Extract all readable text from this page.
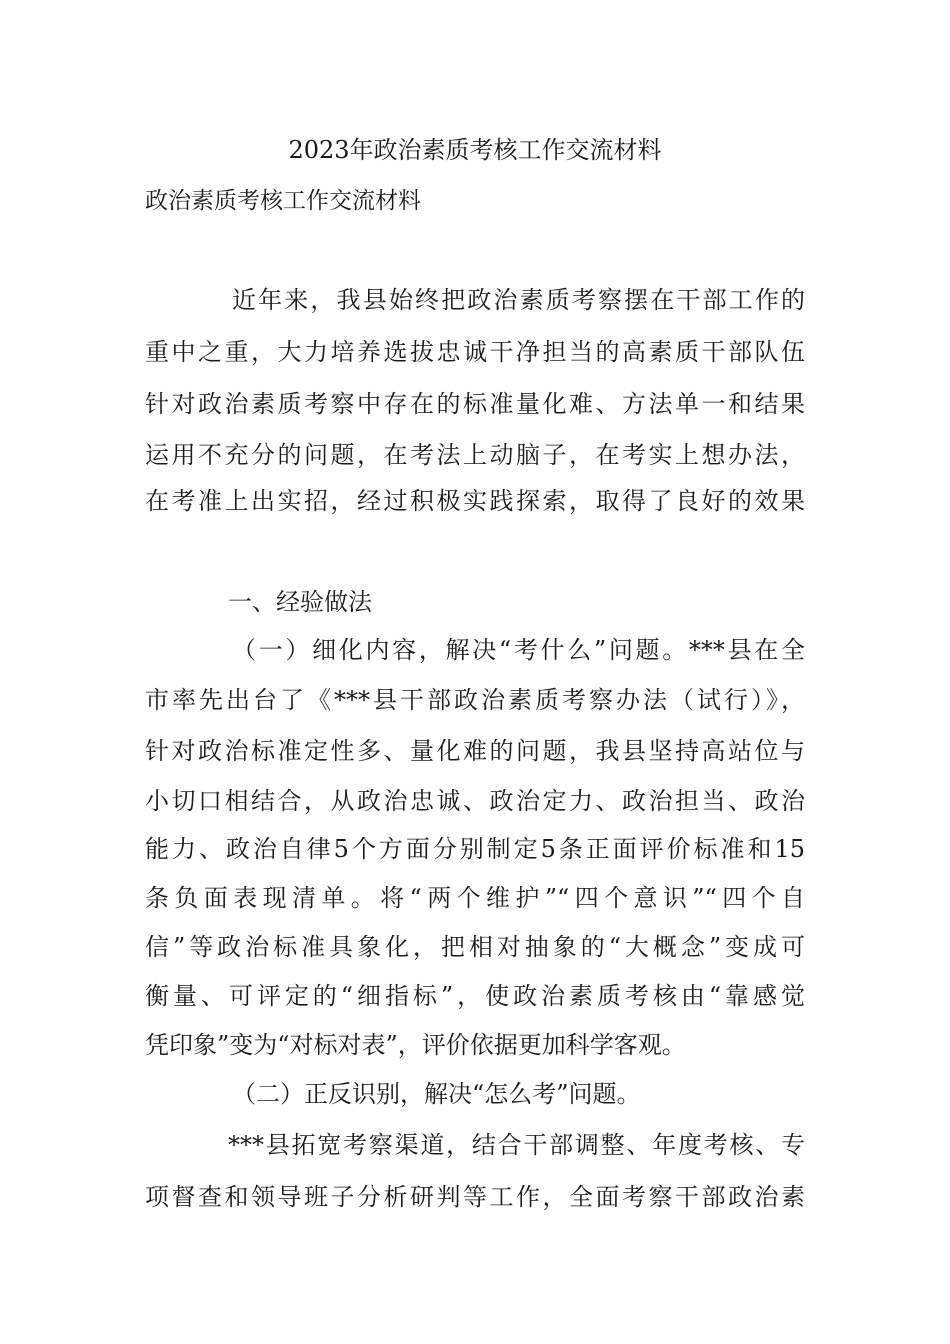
2023年政治素质考核工作交流材料
政治素质考核工作交流材料
近年来，我县始终把政治素质考察摆在干部工作的
重中之重，大力培养选拔忠诚干净担当的高素质干部队伍
针对政治素质考察中存在的标准量化难、方法单一和结果
运用不充分的问题，在考法上动脑子，在考实上想办法，
在考准上出实招，经过积极实践探索，取得了良好的效果
一、经验做法
（一）细化内容，解决“考什么”问题。***县在全
市率先出台了《***县干部政治素质考察办法（试行）》，
针对政治标准定性多、量化难的问题，我县坚持高站位与
小切口相结合，从政治忠诚、政治定力、政治担当、政治
能力、政治自律5个方面分别制定5条正面评价标准和15
条负面表现清单。将“两个维护”“四个意识”“四个自
信”等政治标准具象化，把相对抽象的“大概念”变成可
衡量、可评定的“细指标”，使政治素质考核由“靠感觉
凭印象”变为“对标对表”，评价依据更加科学客观。
（二）正反识别，解决“怎么考”问题。
***县拓宽考察渠道，结合干部调整、年度考核、专
项督查和领导班子分析研判等工作，全面考察干部政治素
